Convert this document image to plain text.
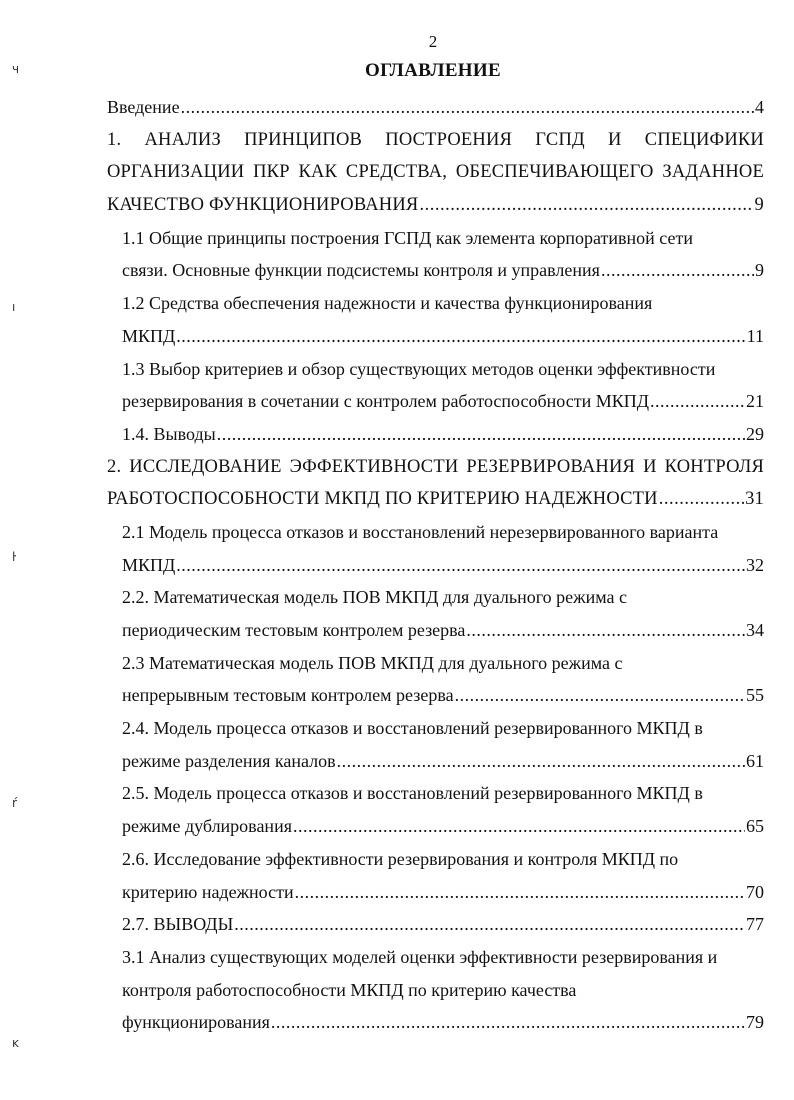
2
ОГЛАВЛЕНИЕ
Введение .....	4
1. АНАЛИЗ ПРИНЦИПОВ ПОСТРОЕНИЯ ГСПД И СПЕЦИФИКИ
ОРГАНИЗАЦИИ ПКР КАК СРЕДСТВА, ОБЕСПЕЧИВАЮЩЕГО ЗАДАННОЕ
КАЧЕСТВО ФУНКЦИОНИРОВАНИЯ .....	9
1.1 Общие принципы построения ГСПД как элемента корпоративной сети
связи. Основные функции подсистемы контроля и управления .....	9
1.2 Средства обеспечения надежности и качества функционирования
МКПД .....	11
1.3 Выбор критериев и обзор существующих методов оценки эффективности
резервирования в сочетании с контролем работоспособности МКПД .....	21
1.4. Выводы .....	29
2. ИССЛЕДОВАНИЕ ЭФФЕКТИВНОСТИ РЕЗЕРВИРОВАНИЯ И КОНТРОЛЯ
РАБОТОСПОСОБНОСТИ МКПД ПО КРИТЕРИЮ НАДЕЖНОСТИ .....	31
2.1 Модель процесса отказов и восстановлений нерезервированного варианта
МКПД .....	32
2.2. Математическая модель ПОВ МКПД для дуального режима с
периодическим тестовым контролем резерва .....	34
2.3 Математическая модель ПОВ МКПД для дуального режима с
непрерывным тестовым контролем резерва .....	55
2.4. Модель процесса отказов и восстановлений резервированного МКПД в
режиме разделения каналов .....	61
2.5. Модель процесса отказов и восстановлений резервированного МКПД в
режиме дублирования .....	65
2.6. Исследование эффективности резервирования и контроля МКПД по
критерию надежности .....	70
2.7. ВЫВОДЫ .....	77
3.1 Анализ существующих моделей оценки эффективности резервирования и
контроля работоспособности МКПД по критерию качества
функционирования .....	79
ч
ı
ŀ
ŕ
ĸ
